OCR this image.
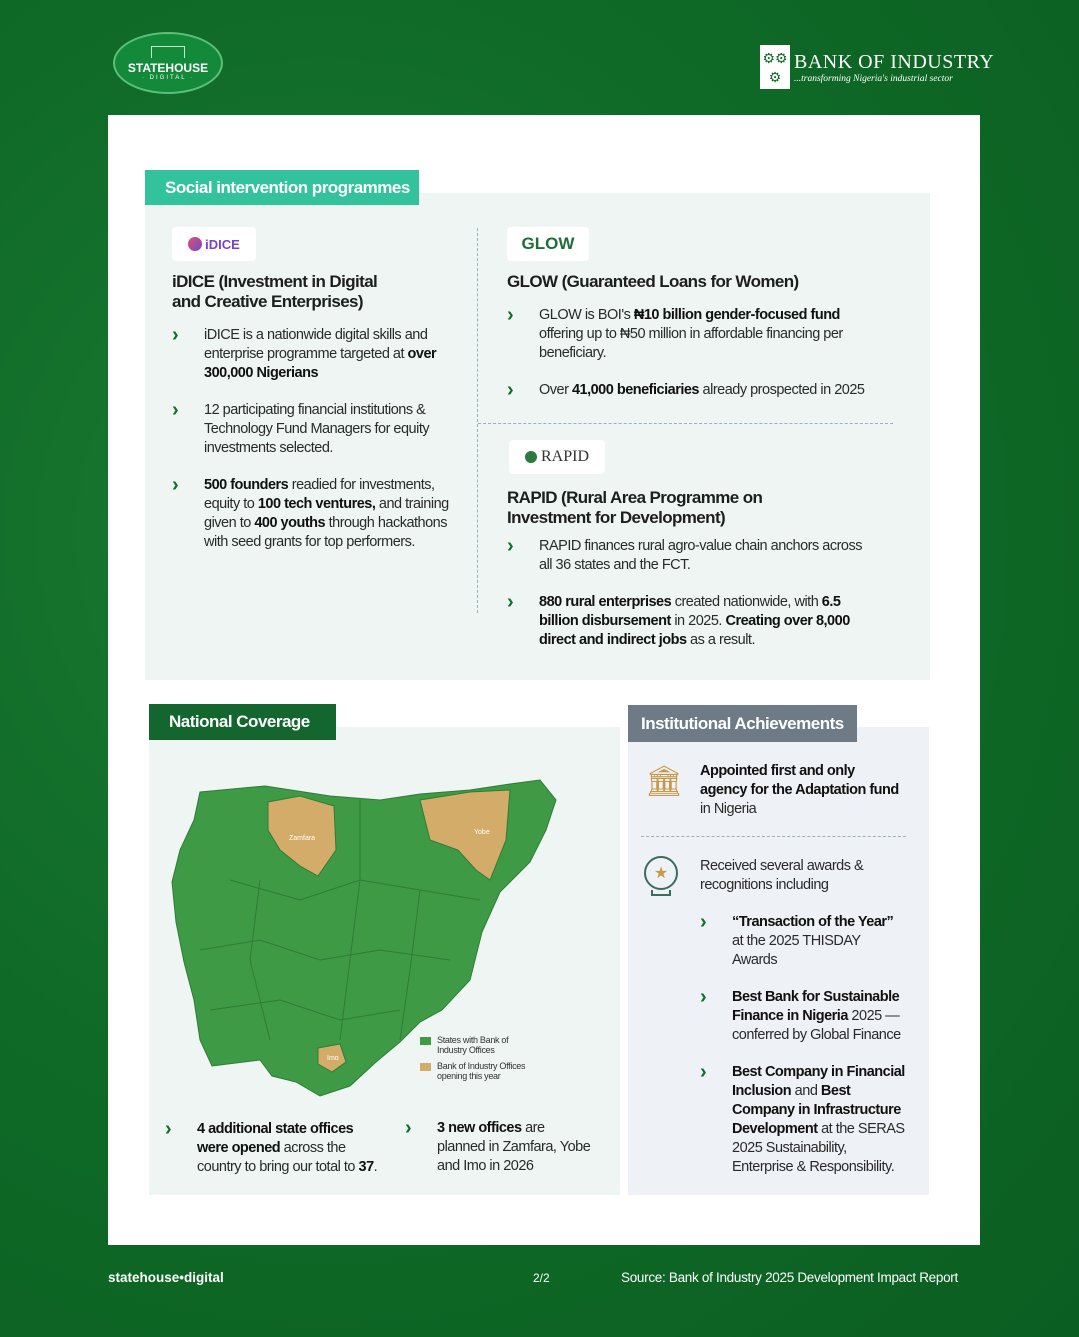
STATEHOUSE
· DIGITAL ·
⚙⚙
⚙
BANK OF INDUSTRY
...transforming Nigeria's industrial sector
Social intervention programmes
iDICE
iDICE (Investment in Digital and Creative Enterprises)
›	iDICE is a nationwide digital skills and enterprise programme targeted at over 300,000 Nigerians
›	12 participating financial institutions & Technology Fund Managers for equity investments selected.
›	500 founders readied for investments, equity to 100 tech ventures, and training given to 400 youths through hackathons with seed grants for top performers.
GLOW
GLOW (Guaranteed Loans for Women)
›	GLOW is BOI's ₦10 billion gender-focused fund offering up to ₦50 million in affordable financing per beneficiary.
›	Over 41,000 beneficiaries already prospected in 2025
RAPID
RAPID (Rural Area Programme on Investment for Development)
›	RAPID finances rural agro-value chain anchors across all 36 states and the FCT.
›	880 rural enterprises created nationwide, with 6.5 billion disbursement in 2025. Creating over 8,000 direct and indirect jobs as a result.
National Coverage
Zamfara
Yobe
Imo
States with Bank of Industry Offices
Bank of Industry Offices opening this year
›	4 additional state offices were opened across the country to bring our total to 37.
›	3 new offices are planned in Zamfara, Yobe and Imo in 2026
Institutional Achievements
🏛 Appointed first and only agency for the Adaptation fund in Nigeria
★	Received several awards & recognitions including
›	“Transaction of the Year” at the 2025 THISDAY Awards
›	Best Bank for Sustainable Finance in Nigeria 2025 — conferred by Global Finance
›	Best Company in Financial Inclusion and Best Company in Infrastructure Development at the SERAS 2025 Sustainability, Enterprise & Responsibility.
statehouse•digital	2/2	Source: Bank of Industry 2025 Development Impact Report
